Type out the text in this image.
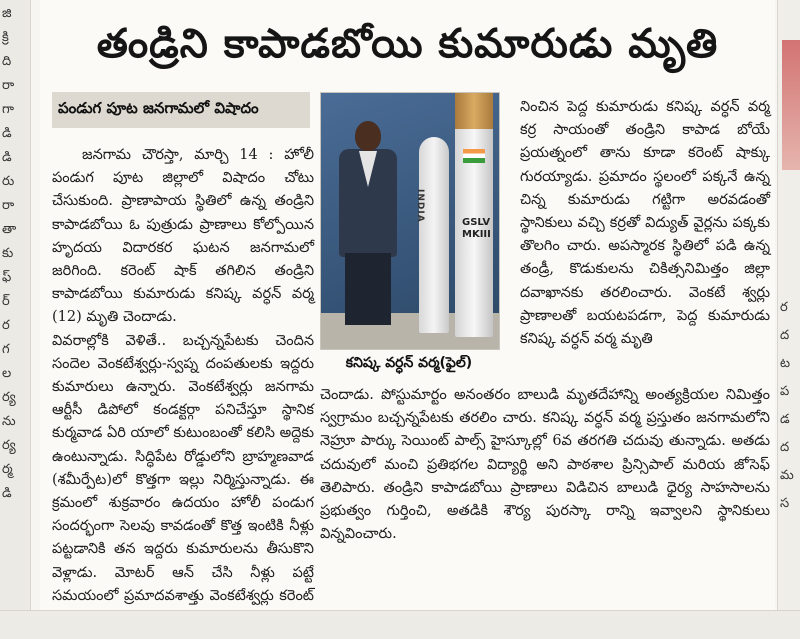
జి
క్రి
ది
రా
గా
డి
డి
రు
రా
తా
కు
ఫ్
ర్
ర
గ
ల
ర్య
ను
ర్య
ర్మ
డి
ర
ద
ట
ప
డ
ద
మ
స
తండ్రిని కాపాడబోయి కుమారుడు మృతి
పండుగ పూట జనగామలో విషాదం

జనగామ చౌరస్తా, మార్చి 14 : హోలీ పండుగ పూట జిల్లాలో విషాదం చోటు చేసుకుంది. ప్రాణాపాయ స్థితిలో ఉన్న తండ్రిని కాపాడబోయి ఓ పుత్రుడు ప్రాణాలు కోల్పోయిన హృదయ విదారకర ఘటన జనగామలో జరిగింది. కరెంట్ షాక్ తగిలిన తండ్రిని కాపాడబోయి కుమారుడు కనిష్క వర్ధన్ వర్మ (12) మృతి చెందాడు.

వివరాల్లోకి వెళితే.. బచ్చన్నపేటకు చెందిన సందెల వెంకటేశ్వర్లు-స్వప్న దంపతులకు ఇద్దరు కుమారులు ఉన్నారు. వెంకటేశ్వర్లు జనగామ ఆర్టీసీ డిపోలో కండక్టర్గా పనిచేస్తూ స్థానిక కుర్మవాడ ఏరి యాలో కుటుంబంతో కలిసి అద్దెకు ఉంటున్నాడు. సిద్ధిపేట రోడ్డులోని బ్రాహ్మణవాడ (శమీర్పేట)లో కొత్తగా ఇల్లు నిర్మిస్తున్నాడు. ఈ క్రమంలో శుక్రవారం ఉదయం హోలీ పండుగ సందర్భంగా సెలవు కావడంతో కొత్త ఇంటికి నీళ్లు పట్టడానికి తన ఇద్దరు కుమారులను తీసుకొని వెళ్లాడు. మోటర్ ఆన్ చేసి నీళ్లు పట్టే సమయంలో ప్రమాదవశాత్తు వెంకటేశ్వర్లు కరెంట్

INDIA	GSLV MKIII
కనిష్క వర్ధన్ వర్మ(ఫైల్)

నించిన పెద్ద కుమారుడు కనిష్క వర్ధన్ వర్మ కర్ర సాయంతో తండ్రిని కాపాడ బోయే ప్రయత్నంలో తాను కూడా కరెంట్ షాక్కు గురయ్యాడు. ప్రమాదం స్థలంలో పక్కనే ఉన్న చిన్న కుమారుడు గట్టిగా అరవడంతో స్థానికులు వచ్చి కర్రతో విద్యుత్ వైర్లను పక్కకు తొలగిం చారు. అపస్మారక స్థితిలో పడి ఉన్న తండ్రీ, కొడుకులను చికిత్సనిమిత్తం జిల్లా దవాఖానకు తరలించారు. వెంకటే శ్వర్లు ప్రాణాలతో బయటపడగా, పెద్ద కుమారుడు కనిష్క వర్ధన్ వర్మ మృతి

చెందాడు. పోస్టుమార్టం అనంతరం బాలుడి మృతదేహాన్ని అంత్యక్రియల నిమిత్తం స్వగ్రామం బచ్చన్నపేటకు తరలిం చారు. కనిష్క వర్ధన్ వర్మ ప్రస్తుతం జనగామలోని నెహ్రూ పార్కు సెయింట్ పాల్స్ హైస్కూల్లో 6వ తరగతి చదువు తున్నాడు. అతడు చదువులో మంచి ప్రతిభగల విద్యార్థి అని పాఠశాల ప్రిన్సిపాల్ మరియ జోసెఫ్ తెలిపారు. తండ్రిని కాపాడబోయి ప్రాణాలు విడిచిన బాలుడి ధైర్య సాహసాలను ప్రభుత్వం గుర్తించి, అతడికి శౌర్య పురస్కా రాన్ని ఇవ్వాలని స్థానికులు విన్నవించారు.
